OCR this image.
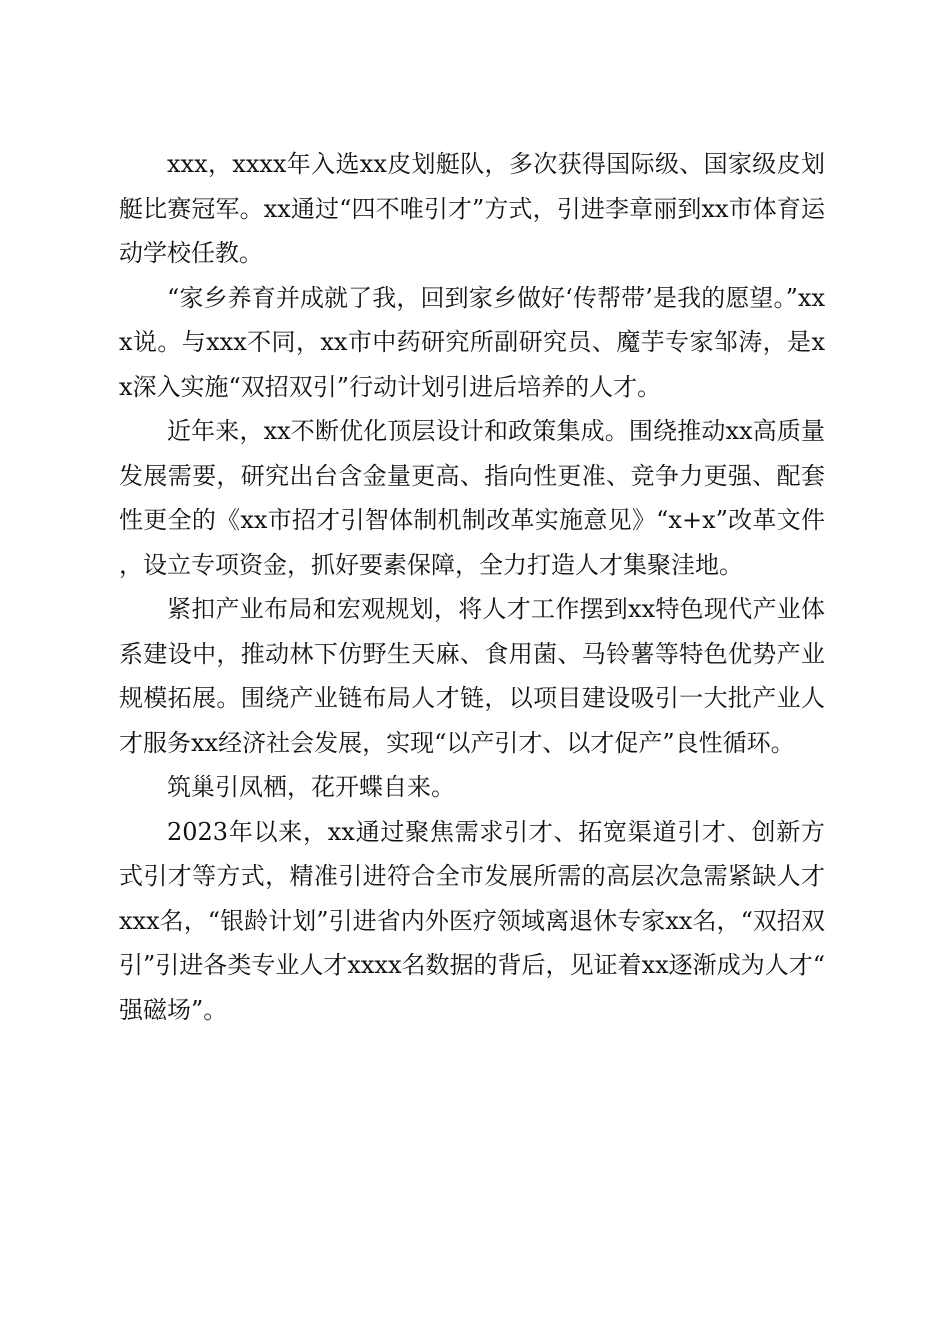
xxx，xxxx年入选xx皮划艇队，多次获得国际级、国家级皮划艇比赛冠军。xx通过“四不唯引才”方式，引进李章丽到xx市体育运动学校任教。

“家乡养育并成就了我，回到家乡做好‘传帮带’是我的愿望。”xxx说。与xxx不同，xx市中药研究所副研究员、魔芋专家邹涛，是xx深入实施“双招双引”行动计划引进后培养的人才。

近年来，xx不断优化顶层设计和政策集成。围绕推动xx高质量发展需要，研究出台含金量更高、指向性更准、竞争力更强、配套性更全的《xx市招才引智体制机制改革实施意见》“x+x”改革文件，设立专项资金，抓好要素保障，全力打造人才集聚洼地。

紧扣产业布局和宏观规划，将人才工作摆到xx特色现代产业体系建设中，推动林下仿野生天麻、食用菌、马铃薯等特色优势产业规模拓展。围绕产业链布局人才链，以项目建设吸引一大批产业人才服务xx经济社会发展，实现“以产引才、以才促产”良性循环。

筑巢引凤栖，花开蝶自来。

2023年以来，xx通过聚焦需求引才、拓宽渠道引才、创新方式引才等方式，精准引进符合全市发展所需的高层次急需紧缺人才xxx名，“银龄计划”引进省内外医疗领域离退休专家xx名，“双招双引”引进各类专业人才xxxx名数据的背后，见证着xx逐渐成为人才“强磁场”。
